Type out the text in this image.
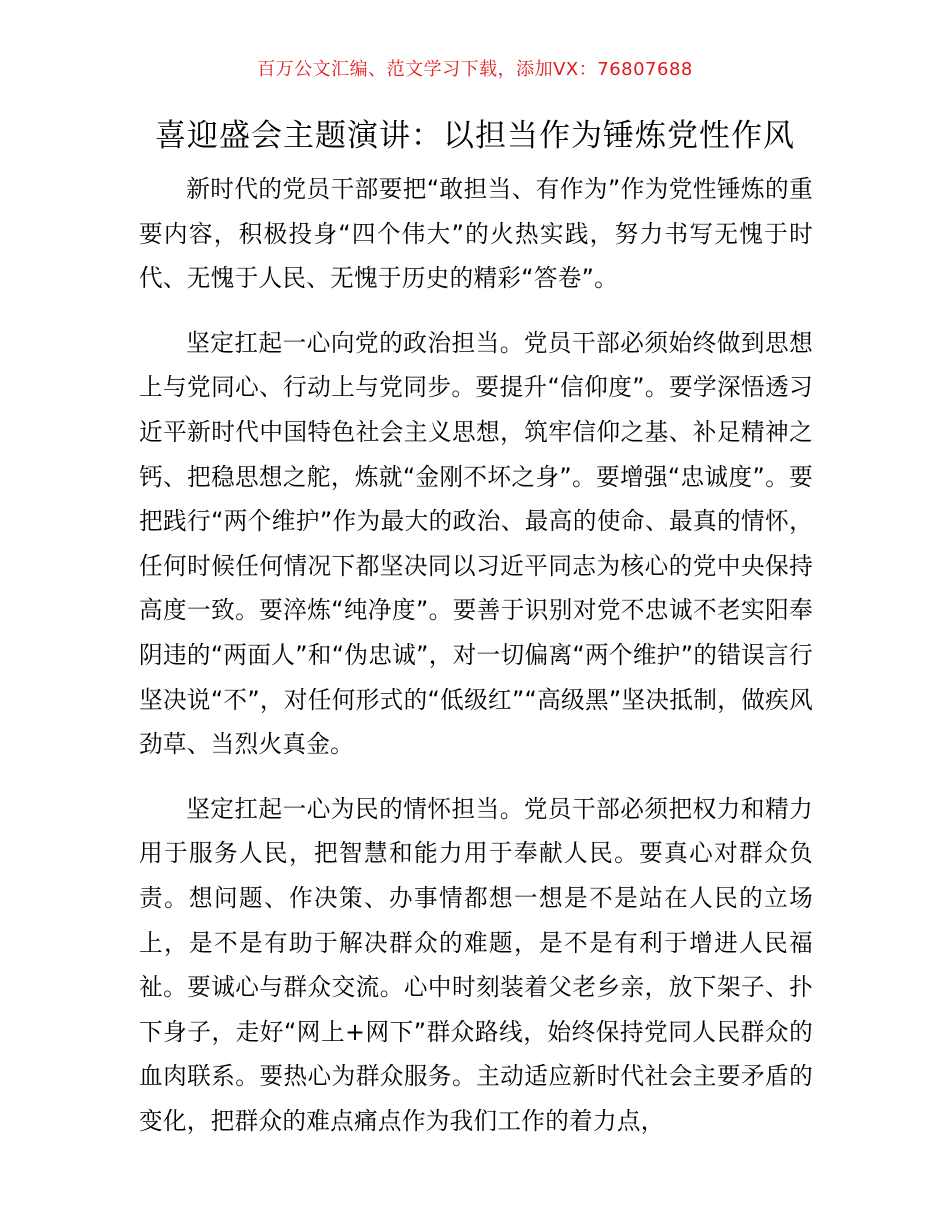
百万公文汇编、范文学习下载，添加VX：76807688
喜迎盛会主题演讲：以担当作为锤炼党性作风

新时代的党员干部要把“敢担当、有作为”作为党性锤炼的重要内容，积极投身“四个伟大”的火热实践，努力书写无愧于时代、无愧于人民、无愧于历史的精彩“答卷”。

坚定扛起一心向党的政治担当。党员干部必须始终做到思想上与党同心、行动上与党同步。要提升“信仰度”。要学深悟透习近平新时代中国特色社会主义思想，筑牢信仰之基、补足精神之钙、把稳思想之舵，炼就“金刚不坏之身”。要增强“忠诚度”。要把践行“两个维护”作为最大的政治、最高的使命、最真的情怀，任何时候任何情况下都坚决同以习近平同志为核心的党中央保持高度一致。要淬炼“纯净度”。要善于识别对党不忠诚不老实阳奉阴违的“两面人”和“伪忠诚”，对一切偏离“两个维护”的错误言行坚决说“不”，对任何形式的“低级红”“高级黑”坚决抵制，做疾风劲草、当烈火真金。

坚定扛起一心为民的情怀担当。党员干部必须把权力和精力用于服务人民，把智慧和能力用于奉献人民。要真心对群众负责。想问题、作决策、办事情都想一想是不是站在人民的立场上，是不是有助于解决群众的难题，是不是有利于增进人民福祉。要诚心与群众交流。心中时刻装着父老乡亲，放下架子、扑下身子，走好“网上+网下”群众路线，始终保持党同人民群众的血肉联系。要热心为群众服务。主动适应新时代社会主要矛盾的变化，把群众的难点痛点作为我们工作的着力点，
